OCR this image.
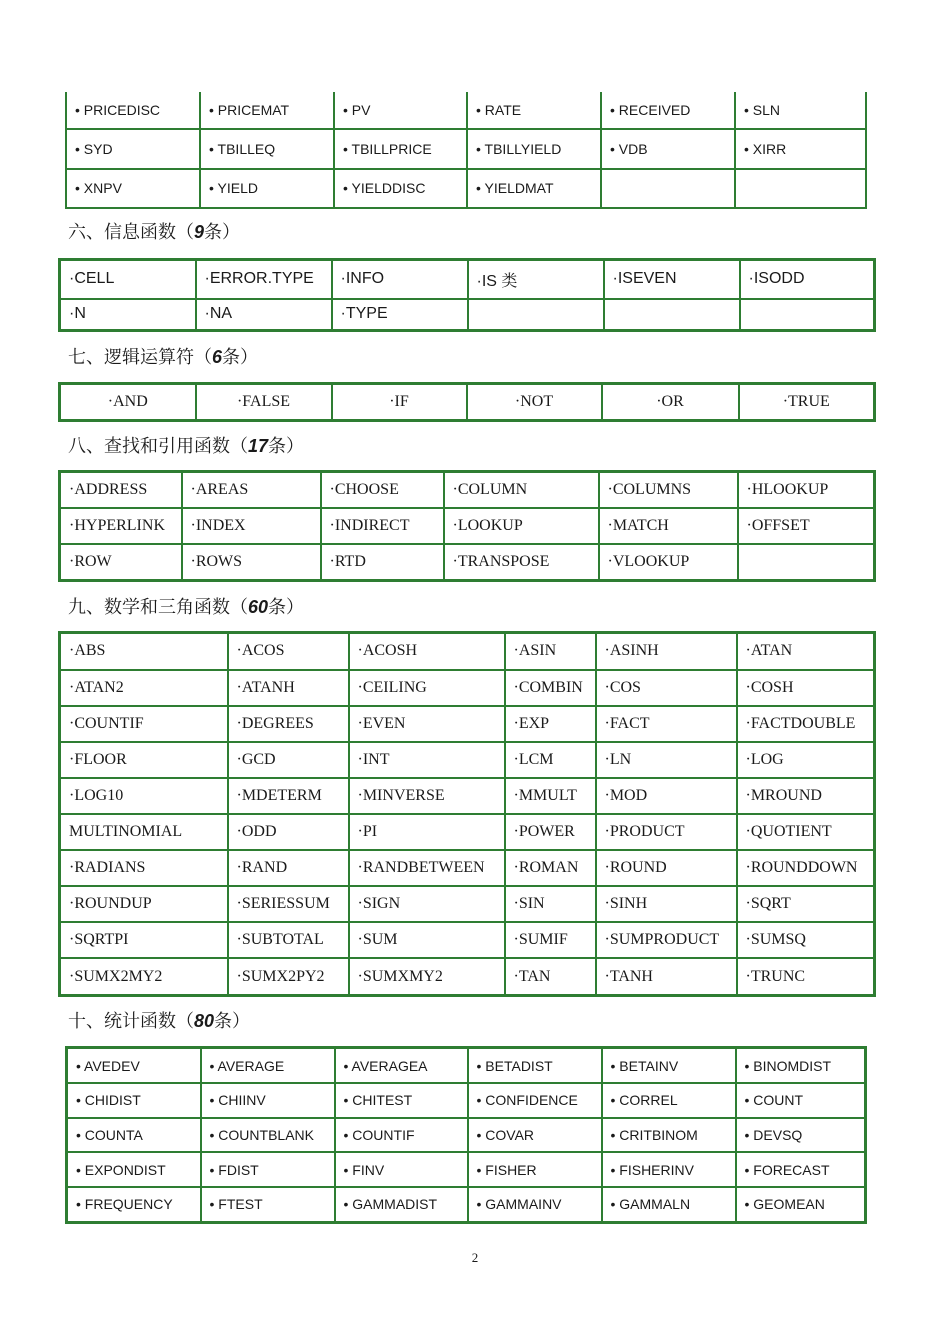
• PRICEDISC	• PRICEMAT	• PV	• RATE	• RECEIVED	• SLN
• SYD	• TBILLEQ	• TBILLPRICE	• TBILLYIELD	• VDB	• XIRR
• XNPV	• YIELD	• YIELDDISC	• YIELDMAT		
六、信息函数（9条）
·CELL	·ERROR.TYPE	·INFO	·IS 类	·ISEVEN	·ISODD
·N	·NA	·TYPE			
七、逻辑运算符（6条）
·AND	·FALSE	·IF	·NOT	·OR	·TRUE
八、查找和引用函数（17条）
·ADDRESS	·AREAS	·CHOOSE	·COLUMN	·COLUMNS	·HLOOKUP
·HYPERLINK	·INDEX	·INDIRECT	·LOOKUP	·MATCH	·OFFSET
·ROW	·ROWS	·RTD	·TRANSPOSE	·VLOOKUP	
九、数学和三角函数（60条）
·ABS	·ACOS	·ACOSH	·ASIN	·ASINH	·ATAN
·ATAN2	·ATANH	·CEILING	·COMBIN	·COS	·COSH
·COUNTIF	·DEGREES	·EVEN	·EXP	·FACT	·FACTDOUBLE
·FLOOR	·GCD	·INT	·LCM	·LN	·LOG
·LOG10	·MDETERM	·MINVERSE	·MMULT	·MOD	·MROUND
MULTINOMIAL	·ODD	·PI	·POWER	·PRODUCT	·QUOTIENT
·RADIANS	·RAND	·RANDBETWEEN	·ROMAN	·ROUND	·ROUNDDOWN
·ROUNDUP	·SERIESSUM	·SIGN	·SIN	·SINH	·SQRT
·SQRTPI	·SUBTOTAL	·SUM	·SUMIF	·SUMPRODUCT	·SUMSQ
·SUMX2MY2	·SUMX2PY2	·SUMXMY2	·TAN	·TANH	·TRUNC
十、统计函数（80条）
• AVEDEV	• AVERAGE	• AVERAGEA	• BETADIST	• BETAINV	• BINOMDIST
• CHIDIST	• CHIINV	• CHITEST	• CONFIDENCE	• CORREL	• COUNT
• COUNTA	• COUNTBLANK	• COUNTIF	• COVAR	• CRITBINOM	• DEVSQ
• EXPONDIST	• FDIST	• FINV	• FISHER	• FISHERINV	• FORECAST
• FREQUENCY	• FTEST	• GAMMADIST	• GAMMAINV	• GAMMALN	• GEOMEAN
2
